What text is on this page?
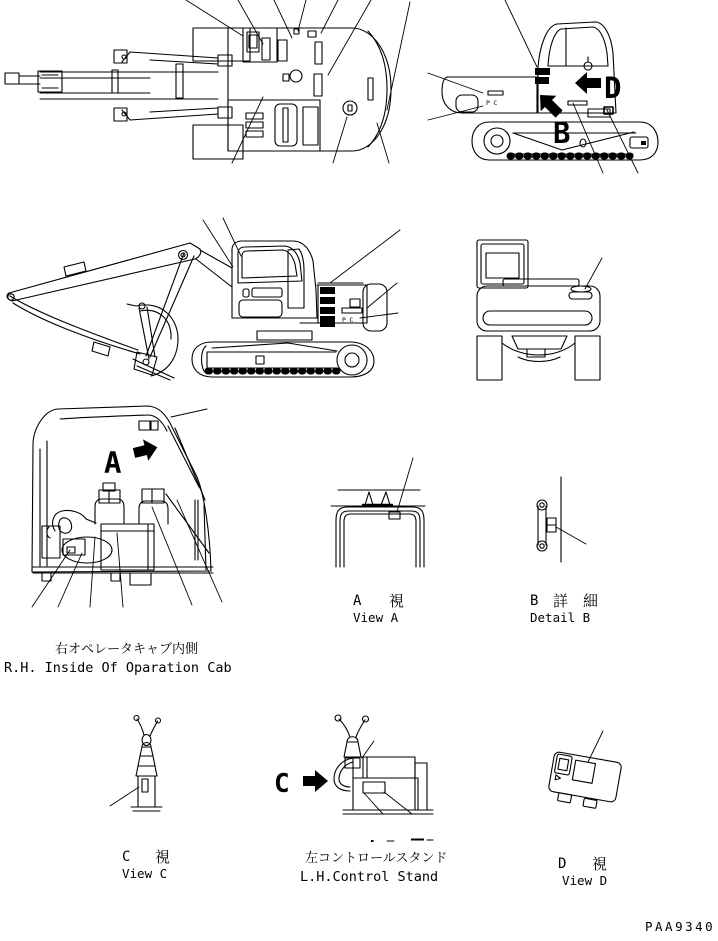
PC	D
B
PC
A
A 視
View A
B 詳細
Detail B
右オペレータキャブ内側
R.H. Inside Of Oparation Cab
C 視
View C
C
左コントロールスタンド
L.H.Control Stand
D 視
View D
PAA9340
